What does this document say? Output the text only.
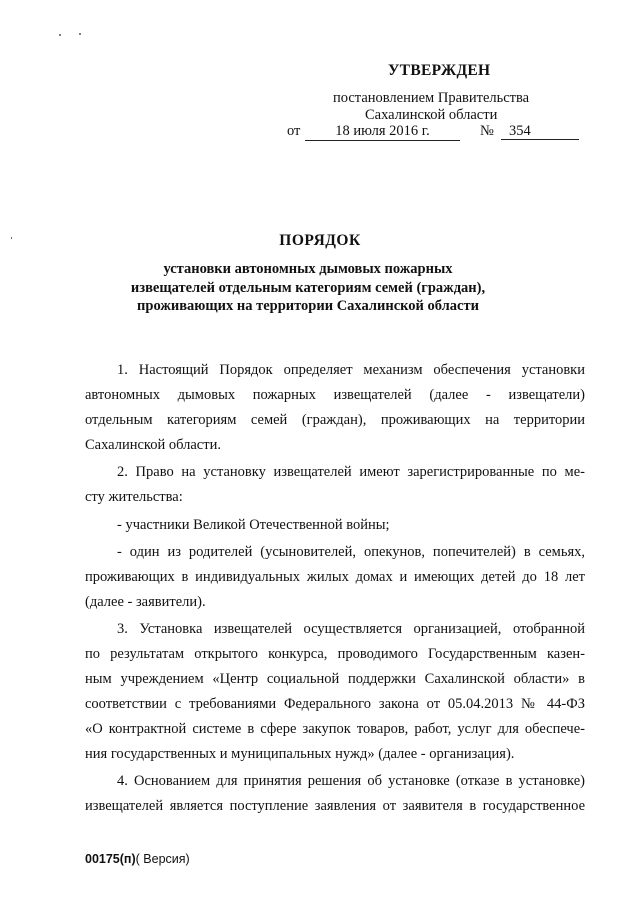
УТВЕРЖДЕН
постановлением Правительства
Сахалинской области
от	18 июля 2016 г.	№	354
ПОРЯДОК
установки автономных дымовых пожарных
извещателей отдельным категориям семей (граждан),
проживающих на территории Сахалинской области
1. Настоящий Порядок определяет механизм обеспечения установки
автономных дымовых пожарных извещателей (далее - извещатели)
отдельным категориям семей (граждан), проживающих на территории
Сахалинской области.
2. Право на установку извещателей имеют зарегистрированные по ме-
сту жительства:
- участники Великой Отечественной войны;
- один из родителей (усыновителей, опекунов, попечителей) в семьях,
проживающих в индивидуальных жилых домах и имеющих детей до 18 лет
(далее - заявители).
3. Установка извещателей осуществляется организацией, отобранной
по результатам открытого конкурса, проводимого Государственным казен-
ным учреждением «Центр социальной поддержки Сахалинской области» в
соответствии с требованиями Федерального закона от 05.04.2013 № 44-ФЗ
«О контрактной системе в сфере закупок товаров, работ, услуг для обеспече-
ния государственных и муниципальных нужд» (далее - организация).
4. Основанием для принятия решения об установке (отказе в установке)
извещателей является поступление заявления от заявителя в государственное
00175(п)( Версия)
